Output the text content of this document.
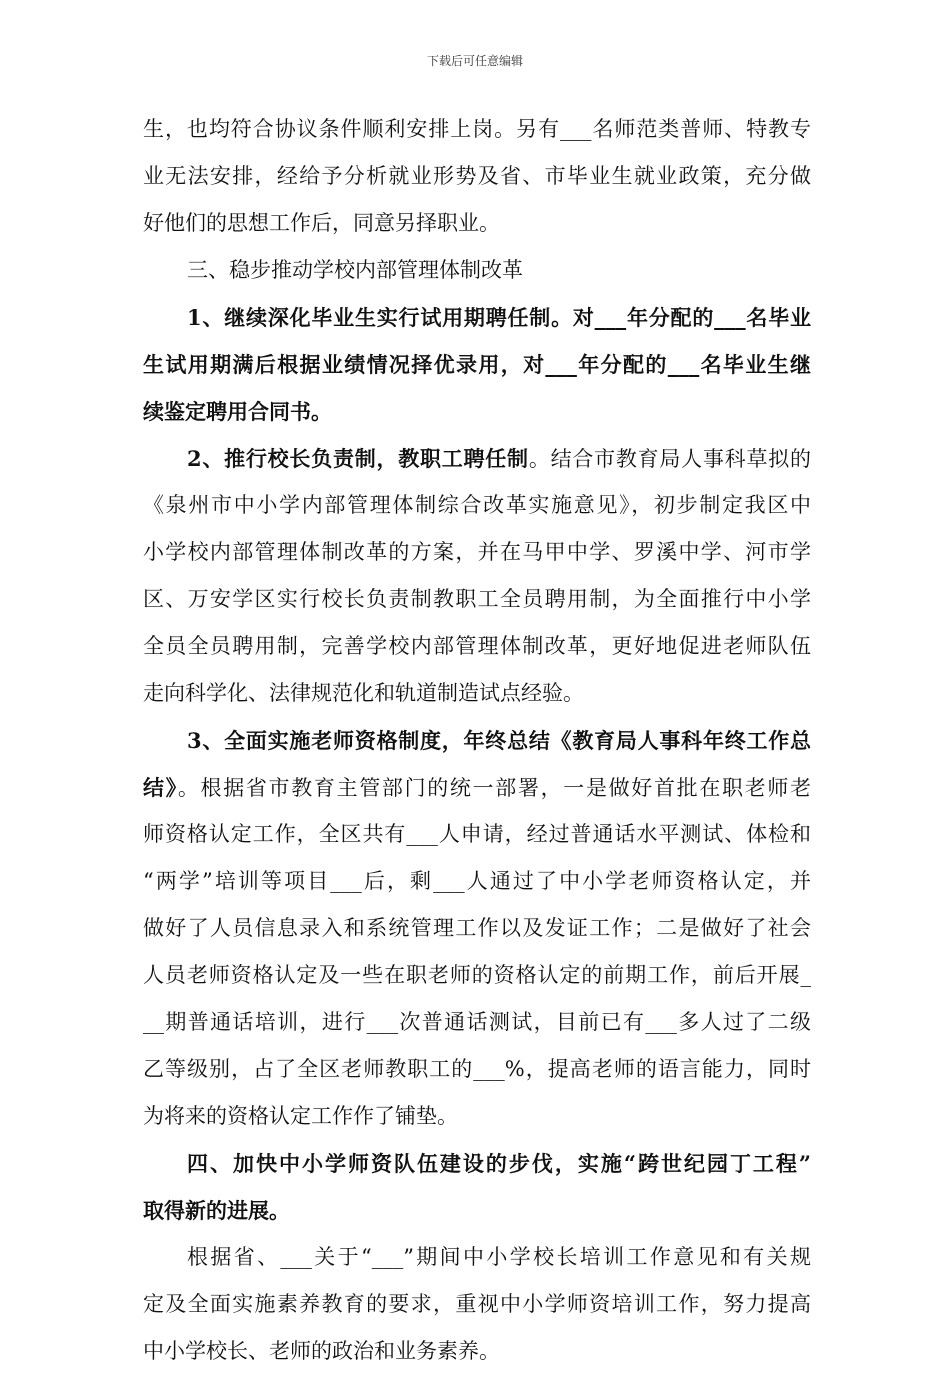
下载后可任意编辑
生，也均符合协议条件顺利安排上岗。另有___名师范类普师、特教专
业无法安排，经给予分析就业形势及省、市毕业生就业政策，充分做
好他们的思想工作后，同意另择职业。
三、稳步推动学校内部管理体制改革
1、继续深化毕业生实行试用期聘任制。对___年分配的___名毕业
生试用期满后根据业绩情况择优录用，对___年分配的___名毕业生继
续鉴定聘用合同书。
2、推行校长负责制，教职工聘任制。结合市教育局人事科草拟的
《泉州市中小学内部管理体制综合改革实施意见》，初步制定我区中
小学校内部管理体制改革的方案，并在马甲中学、罗溪中学、河市学
区、万安学区实行校长负责制教职工全员聘用制，为全面推行中小学
全员全员聘用制，完善学校内部管理体制改革，更好地促进老师队伍
走向科学化、法律规范化和轨道制造试点经验。
3、全面实施老师资格制度，年终总结《教育局人事科年终工作总
结》。根据省市教育主管部门的统一部署，一是做好首批在职老师老
师资格认定工作，全区共有___人申请，经过普通话水平测试、体检和
“两学”培训等项目___后，剩___人通过了中小学老师资格认定，并
做好了人员信息录入和系统管理工作以及发证工作；二是做好了社会
人员老师资格认定及一些在职老师的资格认定的前期工作，前后开展_
__期普通话培训，进行___次普通话测试，目前已有___多人过了二级
乙等级别，占了全区老师教职工的___%，提高老师的语言能力，同时
为将来的资格认定工作作了铺垫。
四、加快中小学师资队伍建设的步伐，实施“跨世纪园丁工程”
取得新的进展。
根据省、___关于“___”期间中小学校长培训工作意见和有关规
定及全面实施素养教育的要求，重视中小学师资培训工作，努力提高
中小学校长、老师的政治和业务素养。
